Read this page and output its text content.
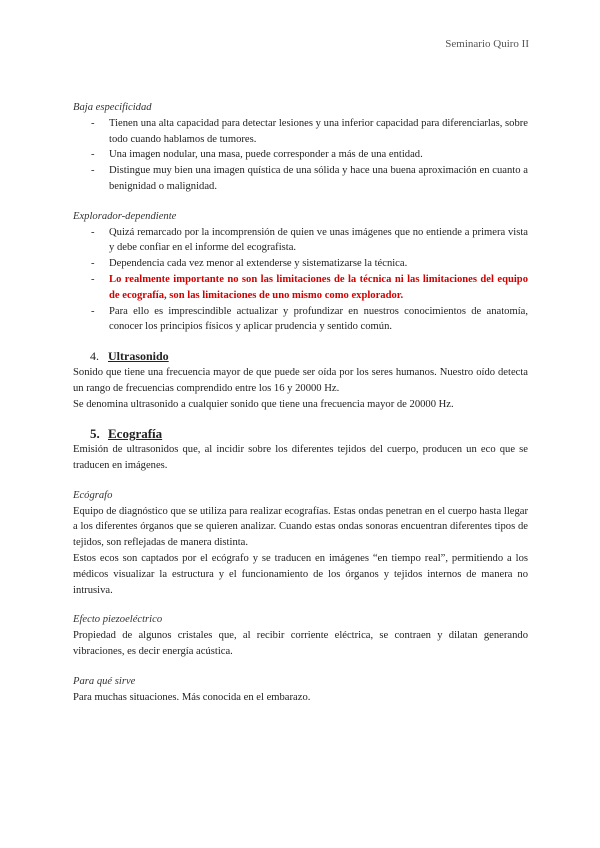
Seminario Quiro II

Baja especificidad

- Tienen una alta capacidad para detectar lesiones y una inferior capacidad para diferenciarlas, sobre todo cuando hablamos de tumores.
- Una imagen nodular, una masa, puede corresponder a más de una entidad.
- Distingue muy bien una imagen quística de una sólida y hace una buena aproximación en cuanto a benignidad o malignidad.

Explorador-dependiente

- Quizá remarcado por la incomprensión de quien ve unas imágenes que no entiende a primera vista y debe confiar en el informe del ecografista.
- Dependencia cada vez menor al extenderse y sistematizarse la técnica.
- Lo realmente importante no son las limitaciones de la técnica ni las limitaciones del equipo de ecografía, son las limitaciones de uno mismo como explorador.
- Para ello es imprescindible actualizar y profundizar en nuestros conocimientos de anatomía, conocer los principios físicos y aplicar prudencia y sentido común.

4. Ultrasonido

Sonido que tiene una frecuencia mayor de que puede ser oída por los seres humanos. Nuestro oído detecta un rango de frecuencias comprendido entre los 16 y 20000 Hz.

Se denomina ultrasonido a cualquier sonido que tiene una frecuencia mayor de 20000 Hz.

5. Ecografía

Emisión de ultrasonidos que, al incidir sobre los diferentes tejidos del cuerpo, producen un eco que se traducen en imágenes.

Ecógrafo

Equipo de diagnóstico que se utiliza para realizar ecografías. Estas ondas penetran en el cuerpo hasta llegar a los diferentes órganos que se quieren analizar. Cuando estas ondas sonoras encuentran diferentes tipos de tejidos, son reflejadas de manera distinta.

Estos ecos son captados por el ecógrafo y se traducen en imágenes “en tiempo real”, permitiendo a los médicos visualizar la estructura y el funcionamiento de los órganos y tejidos internos de manera no intrusiva.

Efecto piezoeléctrico

Propiedad de algunos cristales que, al recibir corriente eléctrica, se contraen y dilatan generando vibraciones, es decir energía acústica.

Para qué sirve

Para muchas situaciones. Más conocida en el embarazo.
